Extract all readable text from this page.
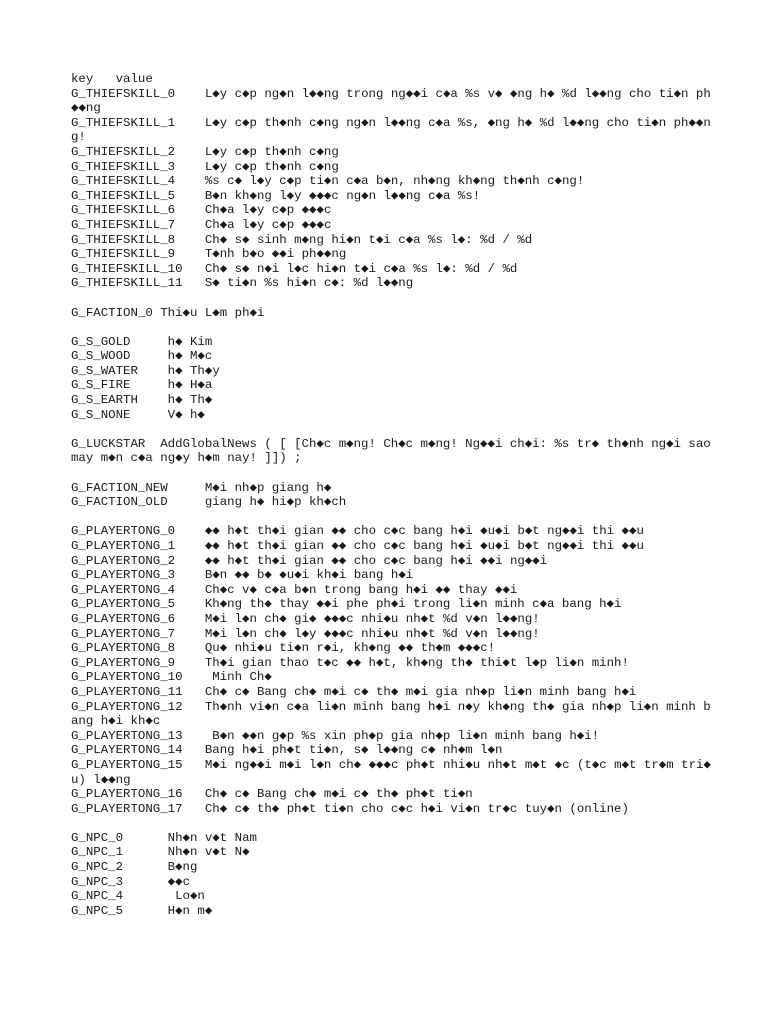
key   value
G_THIEFSKILL_0    L◆y c◆p ng◆n l◆◆ng trong ng◆◆i c◆a %s v◆ ◆ng h◆ %d l◆◆ng cho ti◆n ph◆◆ng
G_THIEFSKILL_1    L◆y c◆p th◆nh c◆ng ng◆n l◆◆ng c◆a %s, ◆ng h◆ %d l◆◆ng cho ti◆n ph◆◆ng!
G_THIEFSKILL_2    L◆y c◆p th◆nh c◆ng
G_THIEFSKILL_3    L◆y c◆p th◆nh c◆ng
G_THIEFSKILL_4    %s c◆ l◆y c◆p ti◆n c◆a b◆n, nh◆ng kh◆ng th◆nh c◆ng!
G_THIEFSKILL_5    B◆n kh◆ng l◆y ◆◆◆c ng◆n l◆◆ng c◆a %s!
G_THIEFSKILL_6    Ch◆a l◆y c◆p ◆◆◆c
G_THIEFSKILL_7    Ch◆a l◆y c◆p ◆◆◆c
G_THIEFSKILL_8    Ch◆ s◆ sinh m◆ng hi◆n t◆i c◆a %s l◆: %d / %d
G_THIEFSKILL_9    T◆nh b◆o ◆◆i ph◆◆ng
G_THIEFSKILL_10   Ch◆ s◆ n◆i l◆c hi◆n t◆i c◆a %s l◆: %d / %d
G_THIEFSKILL_11   S◆ ti◆n %s hi◆n c◆: %d l◆◆ng
G_FACTION_0 Thi◆u L◆m ph◆i
G_S_GOLD     h◆ Kim
G_S_WOOD     h◆ M◆c
G_S_WATER    h◆ Th◆y
G_S_FIRE     h◆ H◆a
G_S_EARTH    h◆ Th◆
G_S_NONE     V◆ h◆
G_LUCKSTAR  AddGlobalNews ( [ [Ch◆c m◆ng! Ch◆c m◆ng! Ng◆◆i ch◆i: %s tr◆ th◆nh ng◆i sao may m◆n c◆a ng◆y h◆m nay! ]]) ;
G_FACTION_NEW     M◆i nh◆p giang h◆
G_FACTION_OLD     giang h◆ hi◆p kh◆ch
G_PLAYERTONG_0    ◆◆ h◆t th◆i gian ◆◆ cho c◆c bang h◆i ◆u◆i b◆t ng◆◆i thi ◆◆u
G_PLAYERTONG_1    ◆◆ h◆t th◆i gian ◆◆ cho c◆c bang h◆i ◆u◆i b◆t ng◆◆i thi ◆◆u
G_PLAYERTONG_2    ◆◆ h◆t th◆i gian ◆◆ cho c◆c bang h◆i ◆◆i ng◆◆i
G_PLAYERTONG_3    B◆n ◆◆ b◆ ◆u◆i kh◆i bang h◆i
G_PLAYERTONG_4    Ch◆c v◆ c◆a b◆n trong bang h◆i ◆◆ thay ◆◆i
G_PLAYERTONG_5    Kh◆ng th◆ thay ◆◆i phe ph◆i trong li◆n minh c◆a bang h◆i
G_PLAYERTONG_6    M◆i l◆n ch◆ gi◆ ◆◆◆c nhi◆u nh◆t %d v◆n l◆◆ng!
G_PLAYERTONG_7    M◆i l◆n ch◆ l◆y ◆◆◆c nhi◆u nh◆t %d v◆n l◆◆ng!
G_PLAYERTONG_8    Qu◆ nhi◆u ti◆n r◆i, kh◆ng ◆◆ th◆m ◆◆◆c!
G_PLAYERTONG_9    Th◆i gian thao t◆c ◆◆ h◆t, kh◆ng th◆ thi◆t l◆p li◆n minh!
G_PLAYERTONG_10    Minh Ch◆
G_PLAYERTONG_11   Ch◆ c◆ Bang ch◆ m◆i c◆ th◆ m◆i gia nh◆p li◆n minh bang h◆i
G_PLAYERTONG_12   Th◆nh vi◆n c◆a li◆n minh bang h◆i n◆y kh◆ng th◆ gia nh◆p li◆n minh bang h◆i kh◆c
G_PLAYERTONG_13    B◆n ◆◆n g◆p %s xin ph◆p gia nh◆p li◆n minh bang h◆i!
G_PLAYERTONG_14   Bang h◆i ph◆t ti◆n, s◆ l◆◆ng c◆ nh◆m l◆n
G_PLAYERTONG_15   M◆i ng◆◆i m◆i l◆n ch◆ ◆◆◆c ph◆t nhi◆u nh◆t m◆t ◆c (t◆c m◆t tr◆m tri◆u) l◆◆ng
G_PLAYERTONG_16   Ch◆ c◆ Bang ch◆ m◆i c◆ th◆ ph◆t ti◆n
G_PLAYERTONG_17   Ch◆ c◆ th◆ ph◆t ti◆n cho c◆c h◆i vi◆n tr◆c tuy◆n (online)
G_NPC_0      Nh◆n v◆t Nam
G_NPC_1      Nh◆n v◆t N◆
G_NPC_2      B◆ng
G_NPC_3      ◆◆c
G_NPC_4       Lo◆n
G_NPC_5      H◆n m◆
